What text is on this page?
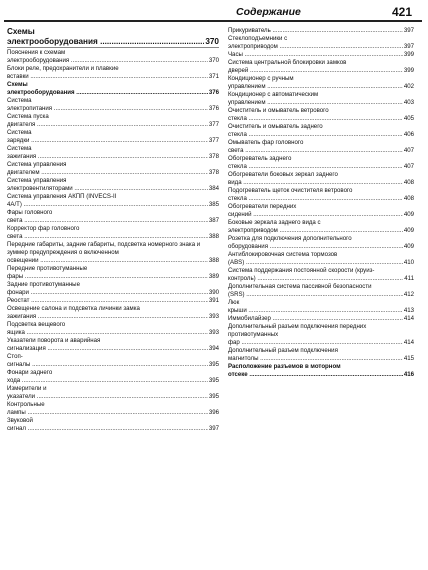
Содержание	421
Схемы электрооборудования .....	370
Пояснения к схемам электрооборудования .....	370
Блоки реле, предохранители и плавкие вставки .....	371
Схемы электрооборудования .....	376
Система электропитания .....	376
Система пуска двигателя .....	377
Система зарядки .....	377
Система зажигания .....	378
Система управления двигателем .....	378
Система управления электровентиляторами .....	384
Система управления АКПП (INVECS-II 4A/T) .....	385
Фары головного света .....	387
Корректор фар головного света .....	388
Передние габариты, задние габариты, подсветка номерного знака и зуммер предупреждения о включенном освещении .....	388
Передние противотуманные фары .....	389
Задние противотуманные фонари .....	390
Реостат .....	391
Освещение салона и подсветка личинки замка зажигания .....	393
Подсветка вещевого ящика .....	393
Указатели поворота и аварийная сигнализация .....	394
Стоп-сигналы .....	395
Фонари заднего хода .....	395
Измерители и указатели .....	395
Контрольные лампы .....	396
Звуковой сигнал .....	397
Прикуриватель .....	397
Стеклоподъемники с электроприводом .....	397
Часы .....	399
Система центральной блокировки замков дверей .....	399
Кондиционер с ручным управлением .....	402
Кондиционер с автоматическим управлением .....	403
Очиститель и омыватель ветрового стекла .....	405
Очиститель и омыватель заднего стекла .....	406
Омыватель фар головного света .....	407
Обогреватель заднего стекла .....	407
Обогреватели боковых зеркал заднего вида .....	408
Подогреватель щеток очистителя ветрового стекла .....	408
Обогреватели передних сидений .....	409
Боковые зеркала заднего вида с электроприводом .....	409
Розетка для подключения дополнительного оборудования .....	409
Антиблокировочная система тормозов (ABS) .....	410
Система поддержания постоянной скорости (круиз-контроль) .....	411
Дополнительная система пассивной безопасности (SRS) .....	412
Люк крыши .....	413
Иммобилайзер .....	414
Дополнительный разъем подключения передних противотуманных фар .....	414
Дополнительный разъем подключения магнитолы .....	415
Расположение разъемов в моторном отсеке .....	416
